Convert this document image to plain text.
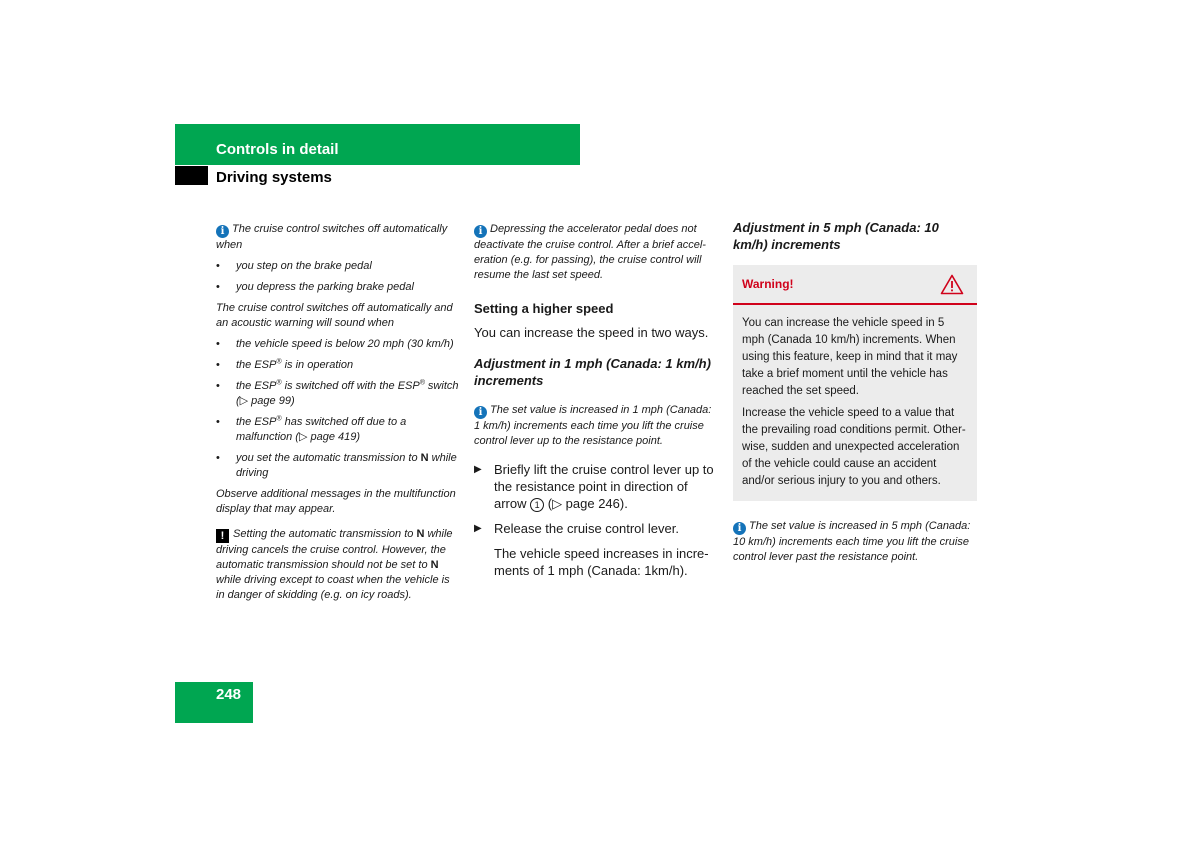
Controls in detail
Driving systems

i The cruise control switches off automatically when

•	you step on the brake pedal
•	you depress the parking brake pedal

The cruise control switches off automatically and an acoustic warning will sound when

•	the vehicle speed is below 20 mph (30 km/h)
•	the ESP® is in operation
•	the ESP® is switched off with the ESP® switch (▷ page 99)
•	the ESP® has switched off due to a malfunction (▷ page 419)
•	you set the automatic transmission to N while driving

Observe additional messages in the multifunction display that may appear.

! Setting the automatic transmission to N while driving cancels the cruise control. However, the automatic transmission should not be set to N while driving except to coast when the vehicle is in danger of skidding (e.g. on icy roads).

i Depressing the accelerator pedal does not deactivate the cruise control. After a brief accel-eration (e.g. for passing), the cruise control will resume the last set speed.

Setting a higher speed
You can increase the speed in two ways.
Adjustment in 1 mph (Canada: 1 km/h) increments

i The set value is increased in 1 mph (Canada: 1 km/h) increments each time you lift the cruise control lever up to the resistance point.

▶ Briefly lift the cruise control lever up to the resistance point in direction of arrow 1 (▷ page 246).
▶ Release the cruise control lever.
The vehicle speed increases in incre-ments of 1 mph (Canada: 1km/h).
Adjustment in 5 mph (Canada: 10 km/h) increments
Warning!

You can increase the vehicle speed in 5 mph (Canada 10 km/h) increments. When using this feature, keep in mind that it may take a brief moment until the vehicle has reached the set speed.

Increase the vehicle speed to a value that the prevailing road conditions permit. Other-wise, sudden and unexpected acceleration of the vehicle could cause an accident and/or serious injury to you and others.

i The set value is increased in 5 mph (Canada: 10 km/h) increments each time you lift the cruise control lever past the resistance point.

248
